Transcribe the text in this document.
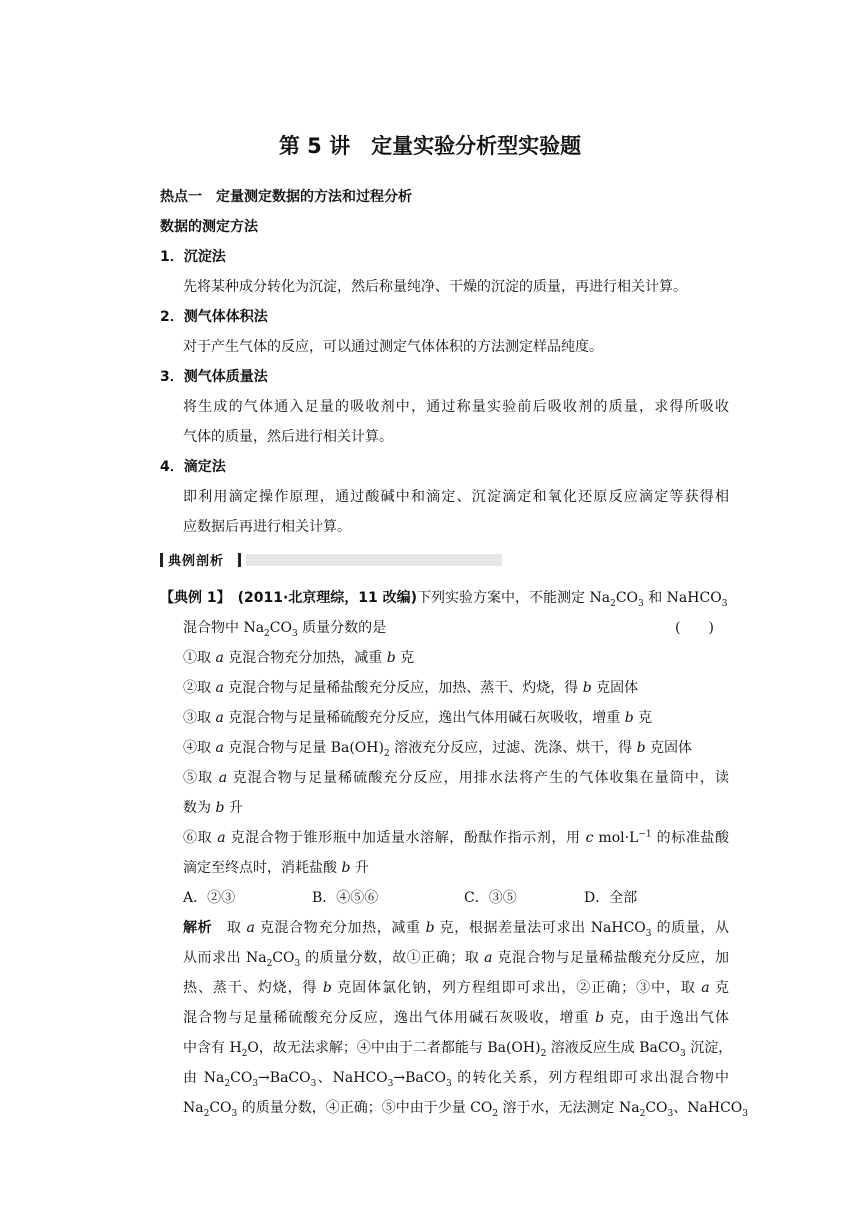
第 5 讲　定量实验分析型实验题
热点一　定量测定数据的方法和过程分析
数据的测定方法
1．沉淀法
先将某种成分转化为沉淀，然后称量纯净、干燥的沉淀的质量，再进行相关计算。
2．测气体体积法
对于产生气体的反应，可以通过测定气体体积的方法测定样品纯度。
3．测气体质量法
将生成的气体通入足量的吸收剂中，通过称量实验前后吸收剂的质量，求得所吸收
气体的质量，然后进行相关计算。
4．滴定法
即利用滴定操作原理，通过酸碱中和滴定、沉淀滴定和氧化还原反应滴定等获得相
应数据后再进行相关计算。
典例剖析
【典例 1】　 (2011·北京理综，11 改编)下列实验方案中，不能测定 $Na_2CO_3$ 和 NaHCO$_3$
混合物中 $Na_2CO_3$ 质量分数的是	(　　)
①取 a 克混合物充分加热，减重 b 克
②取 a 克混合物与足量稀盐酸充分反应，加热、蒸干、灼烧，得 b 克固体
③取 a 克混合物与足量稀硫酸充分反应，逸出气体用碱石灰吸收，增重 b 克
④取 a 克混合物与足量 $Ba(OH)_2$ 溶液充分反应，过滤、洗涤、烘干，得 b 克固体
⑤取 a 克混合物与足量稀硫酸充分反应，用排水法将产生的气体收集在量筒中，读
数为 b 升
⑥取 a 克混合物于锥形瓶中加适量水溶解，酚酞作指示剂，用 c $mol\cdot L^{-1}$ 的标准盐酸
滴定至终点时，消耗盐酸 b 升
A．②③	B．④⑤⑥	C．③⑤	D．全部
解析　取 a 克混合物充分加热，减重 b 克，根据差量法可求出 NaHCO$_3$ 的质量，从
从而求出 $Na_2CO_3$ 的质量分数，故①正确；取 a 克混合物与足量稀盐酸充分反应，加
热、蒸干、灼烧，得 b 克固体氯化钠，列方程组即可求出，②正确；③中，取 a 克
混合物与足量稀硫酸充分反应，逸出气体用碱石灰吸收，增重 b 克，由于逸出气体
中含有 $H_2O$，故无法求解；④中由于二者都能与 $Ba(OH)_2$ 溶液反应生成 BaCO$_3$ 沉淀，
由 $Na_2CO_3\to BaCO_3$、NaHCO$_3$→BaCO$_3$ 的转化关系，列方程组即可求出混合物中
$Na_2CO_3$ 的质量分数，④正确；⑤中由于少量 $CO_2$ 溶于水，无法测定 $Na_2CO_3$、NaHCO$_3$
